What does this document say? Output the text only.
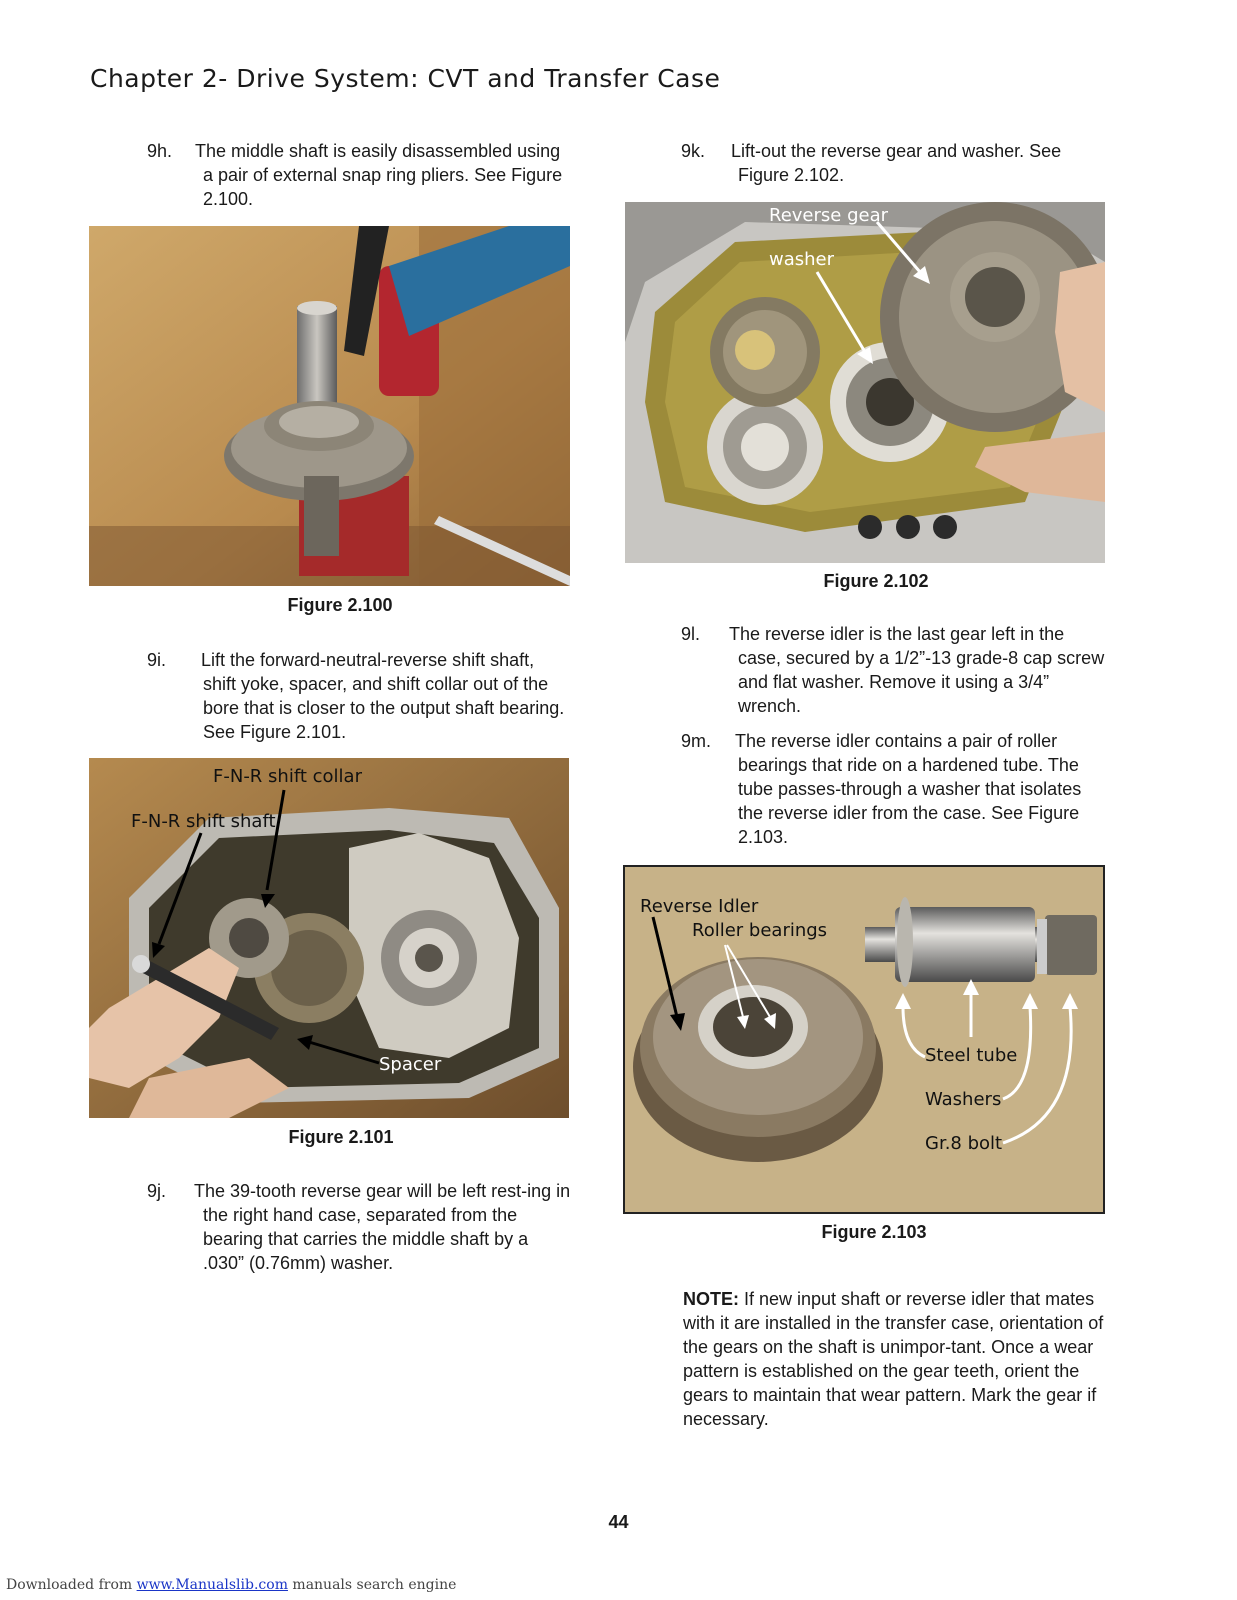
Chapter 2- Drive System: CVT and Transfer Case
9h.	The middle shaft is easily disassembled using a pair of external snap ring pliers. See Figure 2.100.
Figure 2.100
9i.	Lift the forward-neutral-reverse shift shaft, shift yoke, spacer, and shift collar out of the bore that is closer to the output shaft bearing. See Figure 2.101.
F-N-R shift collar
F-N-R shift shaft
Spacer
Figure 2.101
9j.	The 39-tooth reverse gear will be left rest-ing in the right hand case, separated from the bearing that carries the middle shaft by a .030” (0.76mm) washer.
9k.	Lift-out the reverse gear and washer. See Figure 2.102.
Reverse gear
washer
Figure 2.102
9l.	The reverse idler is the last gear left in the case, secured by a 1/2”-13 grade-8 cap screw and flat washer. Remove it using a 3/4” wrench.
9m.	The reverse idler contains a pair of roller bearings that ride on a hardened tube. The tube passes-through a washer that isolates the reverse idler from the case. See Figure 2.103.
Reverse Idler
Roller bearings
Steel tube
Washers
Gr.8 bolt
Figure 2.103
NOTE: If new input shaft or reverse idler that mates with it are installed in the transfer case, orientation of the gears on the shaft is unimpor-tant. Once a wear pattern is established on the gear teeth, orient the gears to maintain that wear pattern. Mark the gear if necessary.
44
Downloaded from www.Manualslib.com manuals search engine
